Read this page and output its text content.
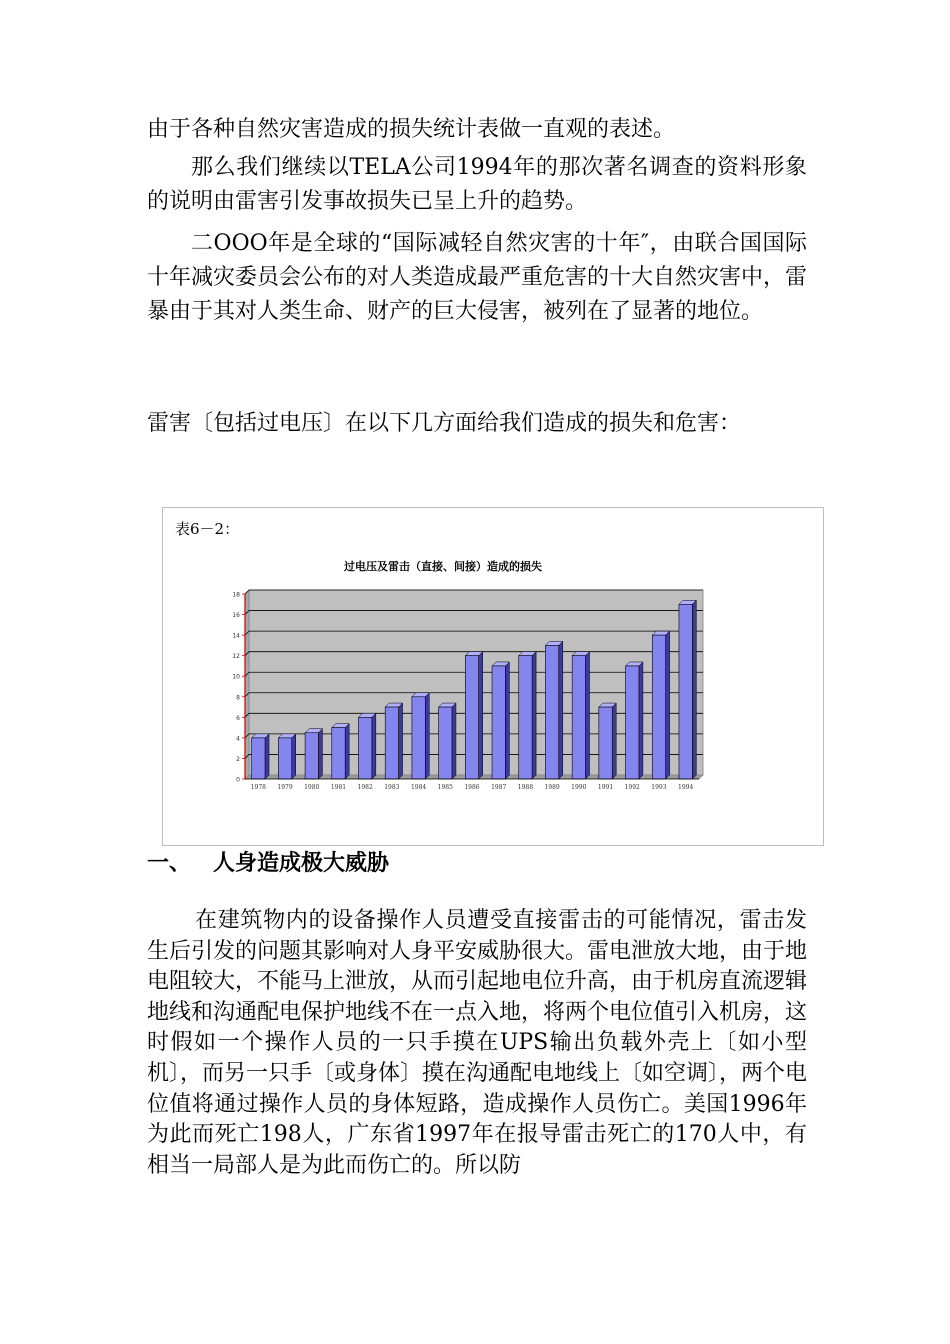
由于各种自然灾害造成的损失统计表做一直观的表述。

那么我们继续以TELA公司1994年的那次著名调查的资料形象的说明由雷害引发事故损失已呈上升的趋势。

二OOO年是全球的“国际减轻自然灾害的十年″，由联合国国际十年减灾委员会公布的对人类造成最严重危害的十大自然灾害中，雷暴由于其对人类生命、财产的巨大侵害，被列在了显著的地位。

雷害〔包括过电压〕在以下几方面给我们造成的损失和危害：

表6－2：
过电压及雷击（直接、间接）造成的损失
0
2
4
6
8
10
12
14
16
18
1978 1979 1980 1981 1982 1983 1984 1985 1986 1987 1988 1989 1990 1991 1992 1993 1994
一、 人身造成极大威胁

在建筑物内的设备操作人员遭受直接雷击的可能情况，雷击发生后引发的问题其影响对人身平安威胁很大。雷电泄放大地，由于地电阻较大，不能马上泄放，从而引起地电位升高，由于机房直流逻辑地线和沟通配电保护地线不在一点入地，将两个电位值引入机房，这时假如一个操作人员的一只手摸在UPS输出负载外壳上〔如小型机〕，而另一只手〔或身体〕摸在沟通配电地线上〔如空调〕，两个电位值将通过操作人员的身体短路，造成操作人员伤亡。美国1996年为此而死亡198人，广东省1997年在报导雷击死亡的170人中，有相当一局部人是为此而伤亡的。所以防
